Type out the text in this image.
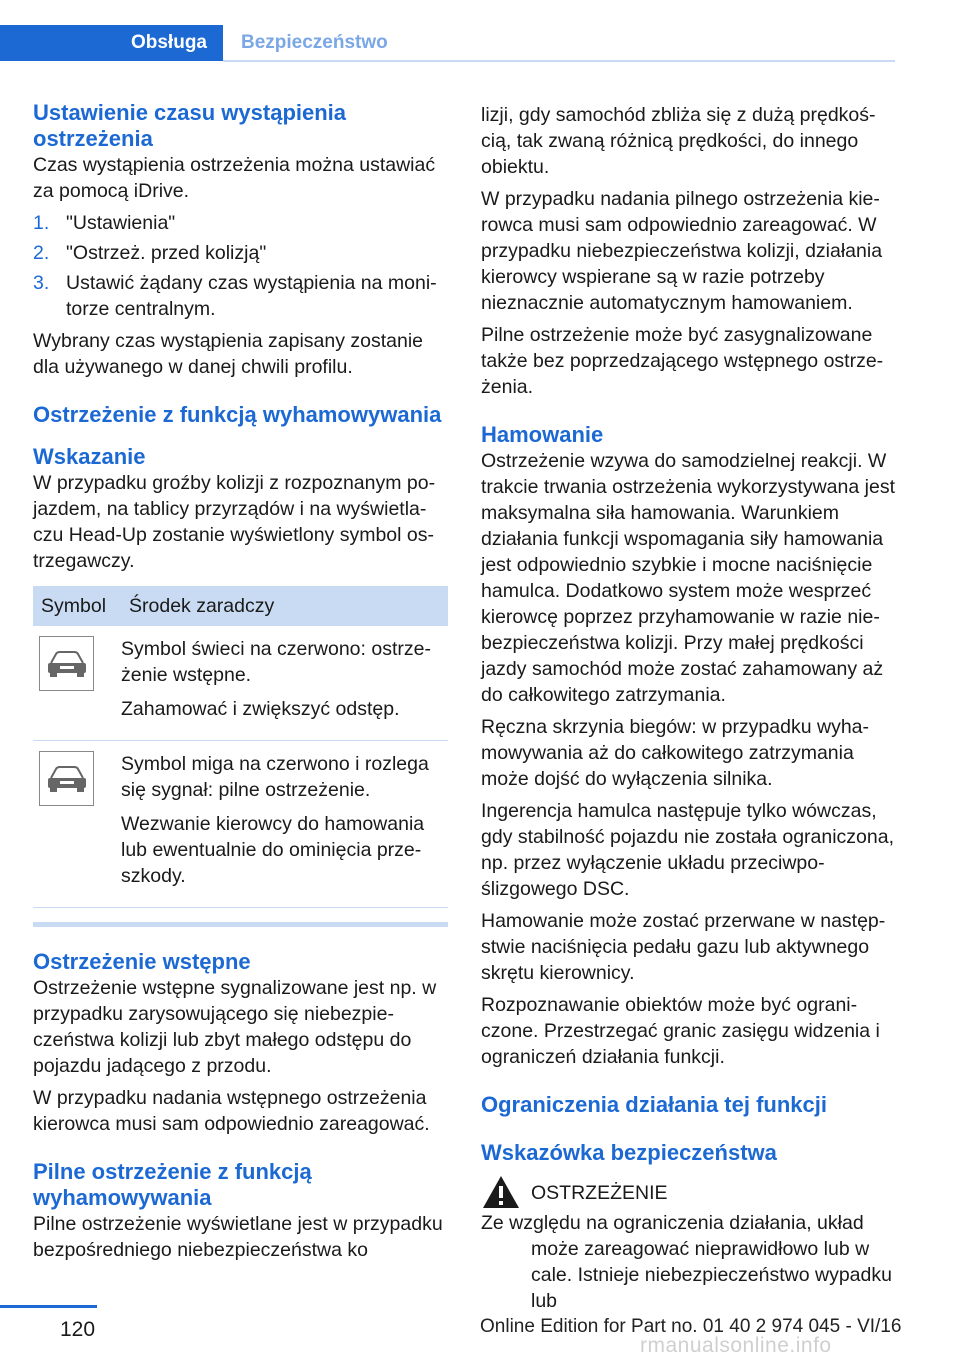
Obsługa	Bezpieczeństwo
Ustawienie czasu wystąpienia ostrzeżenia

Czas wystąpienia ostrzeżenia można ustawiać za pomocą iDrive.

1. "Ustawienia"
2. "Ostrzeż. przed kolizją"
3. Ustawić żądany czas wystąpienia na monitorze centralnym.

Wybrany czas wystąpienia zapisany zostanie dla używanego w danej chwili profilu.

Ostrzeżenie z funkcją wyhamowywania
Wskazanie

W przypadku groźby kolizji z rozpoznanym pojazdem, na tablicy przyrządów i na wyświetlaczu Head-Up zostanie wyświetlony symbol ostrzegawczy.

Symbol	Środek zaradczy

Symbol świeci na czerwono: ostrzeżenie wstępne.

Zahamować i zwiększyć odstęp.

Symbol miga na czerwono i rozlega się sygnał: pilne ostrzeżenie.

Wezwanie kierowcy do hamowania lub ewentualnie do ominięcia przeszkody.

Ostrzeżenie wstępne

Ostrzeżenie wstępne sygnalizowane jest np. w przypadku zarysowującego się niebezpieczeństwa kolizji lub zbyt małego odstępu do pojazdu jadącego z przodu.

W przypadku nadania wstępnego ostrzeżenia kierowca musi sam odpowiednio zareagować.

Pilne ostrzeżenie z funkcją wyhamowywania

Pilne ostrzeżenie wyświetlane jest w przypadku bezpośredniego niebezpieczeństwa ko

lizji, gdy samochód zbliża się z dużą prędkością, tak zwaną różnicą prędkości, do innego obiektu.

W przypadku nadania pilnego ostrzeżenia kierowca musi sam odpowiednio zareagować. W przypadku niebezpieczeństwa kolizji, działania kierowcy wspierane są w razie potrzeby nieznacznie automatycznym hamowaniem.

Pilne ostrzeżenie może być zasygnalizowane także bez poprzedzającego wstępnego ostrzeżenia.

Hamowanie

Ostrzeżenie wzywa do samodzielnej reakcji. W trakcie trwania ostrzeżenia wykorzystywana jest maksymalna siła hamowania. Warunkiem działania funkcji wspomagania siły hamowania jest odpowiednio szybkie i mocne naciśnięcie hamulca. Dodatkowo system może wesprzeć kierowcę poprzez przyhamowanie w razie niebezpieczeństwa kolizji. Przy małej prędkości jazdy samochód może zostać zahamowany aż do całkowitego zatrzymania.

Ręczna skrzynia biegów: w przypadku wyhamowywania aż do całkowitego zatrzymania może dojść do wyłączenia silnika.

Ingerencja hamulca następuje tylko wówczas, gdy stabilność pojazdu nie została ograniczona, np. przez wyłączenie układu przeciwpoślizgowego DSC.

Hamowanie może zostać przerwane w następstwie naciśnięcia pedału gazu lub aktywnego skrętu kierownicy.

Rozpoznawanie obiektów może być ograniczone. Przestrzegać granic zasięgu widzenia i ograniczeń działania funkcji.

Ograniczenia działania tej funkcji
Wskazówka bezpieczeństwa
OSTRZEŻENIE

Ze względu na ograniczenia działania, układ może zareagować nieprawidłowo lub w cale. Istnieje niebezpieczeństwo wypadku lub

120	Online Edition for Part no. 01 40 2 974 045 - VI/16
rmanualsonline.info
